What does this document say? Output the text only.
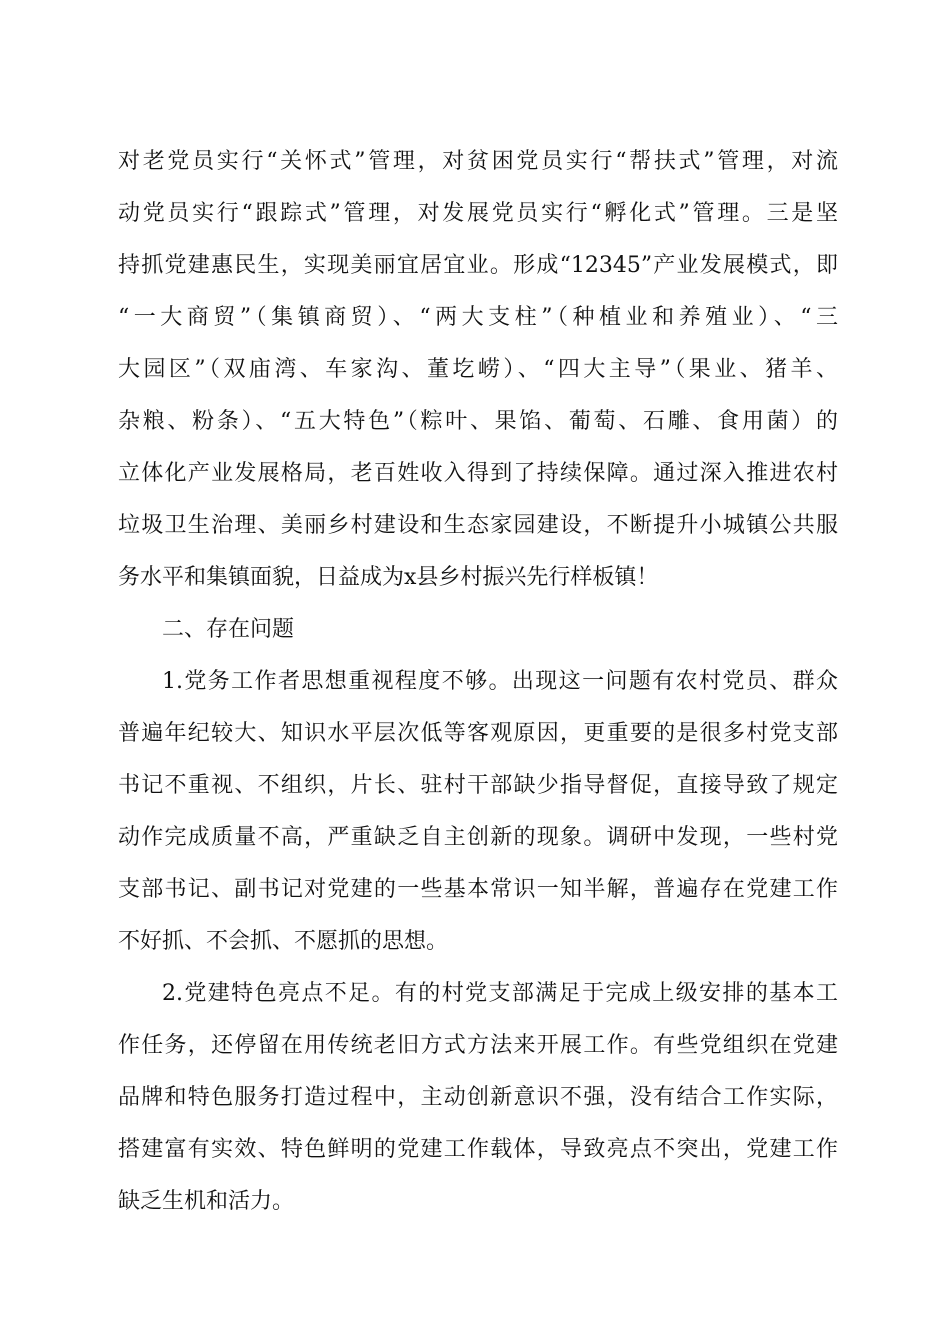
对老党员实行“关怀式”管理，对贫困党员实行“帮扶式”管理，对流
动党员实行“跟踪式”管理，对发展党员实行“孵化式”管理。三是坚
持抓党建惠民生，实现美丽宜居宜业。形成“12345”产业发展模式，即
“一大商贸”（集镇商贸）、“两大支柱”（种植业和养殖业）、“三
大园区”（双庙湾、车家沟、董圪崂）、“四大主导”（果业、猪羊、
杂粮、粉条）、“五大特色”（粽叶、果馅、葡萄、石雕、食用菌）的
立体化产业发展格局，老百姓收入得到了持续保障。通过深入推进农村
垃圾卫生治理、美丽乡村建设和生态家园建设，不断提升小城镇公共服
务水平和集镇面貌，日益成为x县乡村振兴先行样板镇！
二、存在问题
1.党务工作者思想重视程度不够。出现这一问题有农村党员、群众
普遍年纪较大、知识水平层次低等客观原因，更重要的是很多村党支部
书记不重视、不组织，片长、驻村干部缺少指导督促，直接导致了规定
动作完成质量不高，严重缺乏自主创新的现象。调研中发现，一些村党
支部书记、副书记对党建的一些基本常识一知半解，普遍存在党建工作
不好抓、不会抓、不愿抓的思想。
2.党建特色亮点不足。有的村党支部满足于完成上级安排的基本工
作任务，还停留在用传统老旧方式方法来开展工作。有些党组织在党建
品牌和特色服务打造过程中，主动创新意识不强，没有结合工作实际，
搭建富有实效、特色鲜明的党建工作载体，导致亮点不突出，党建工作
缺乏生机和活力。
